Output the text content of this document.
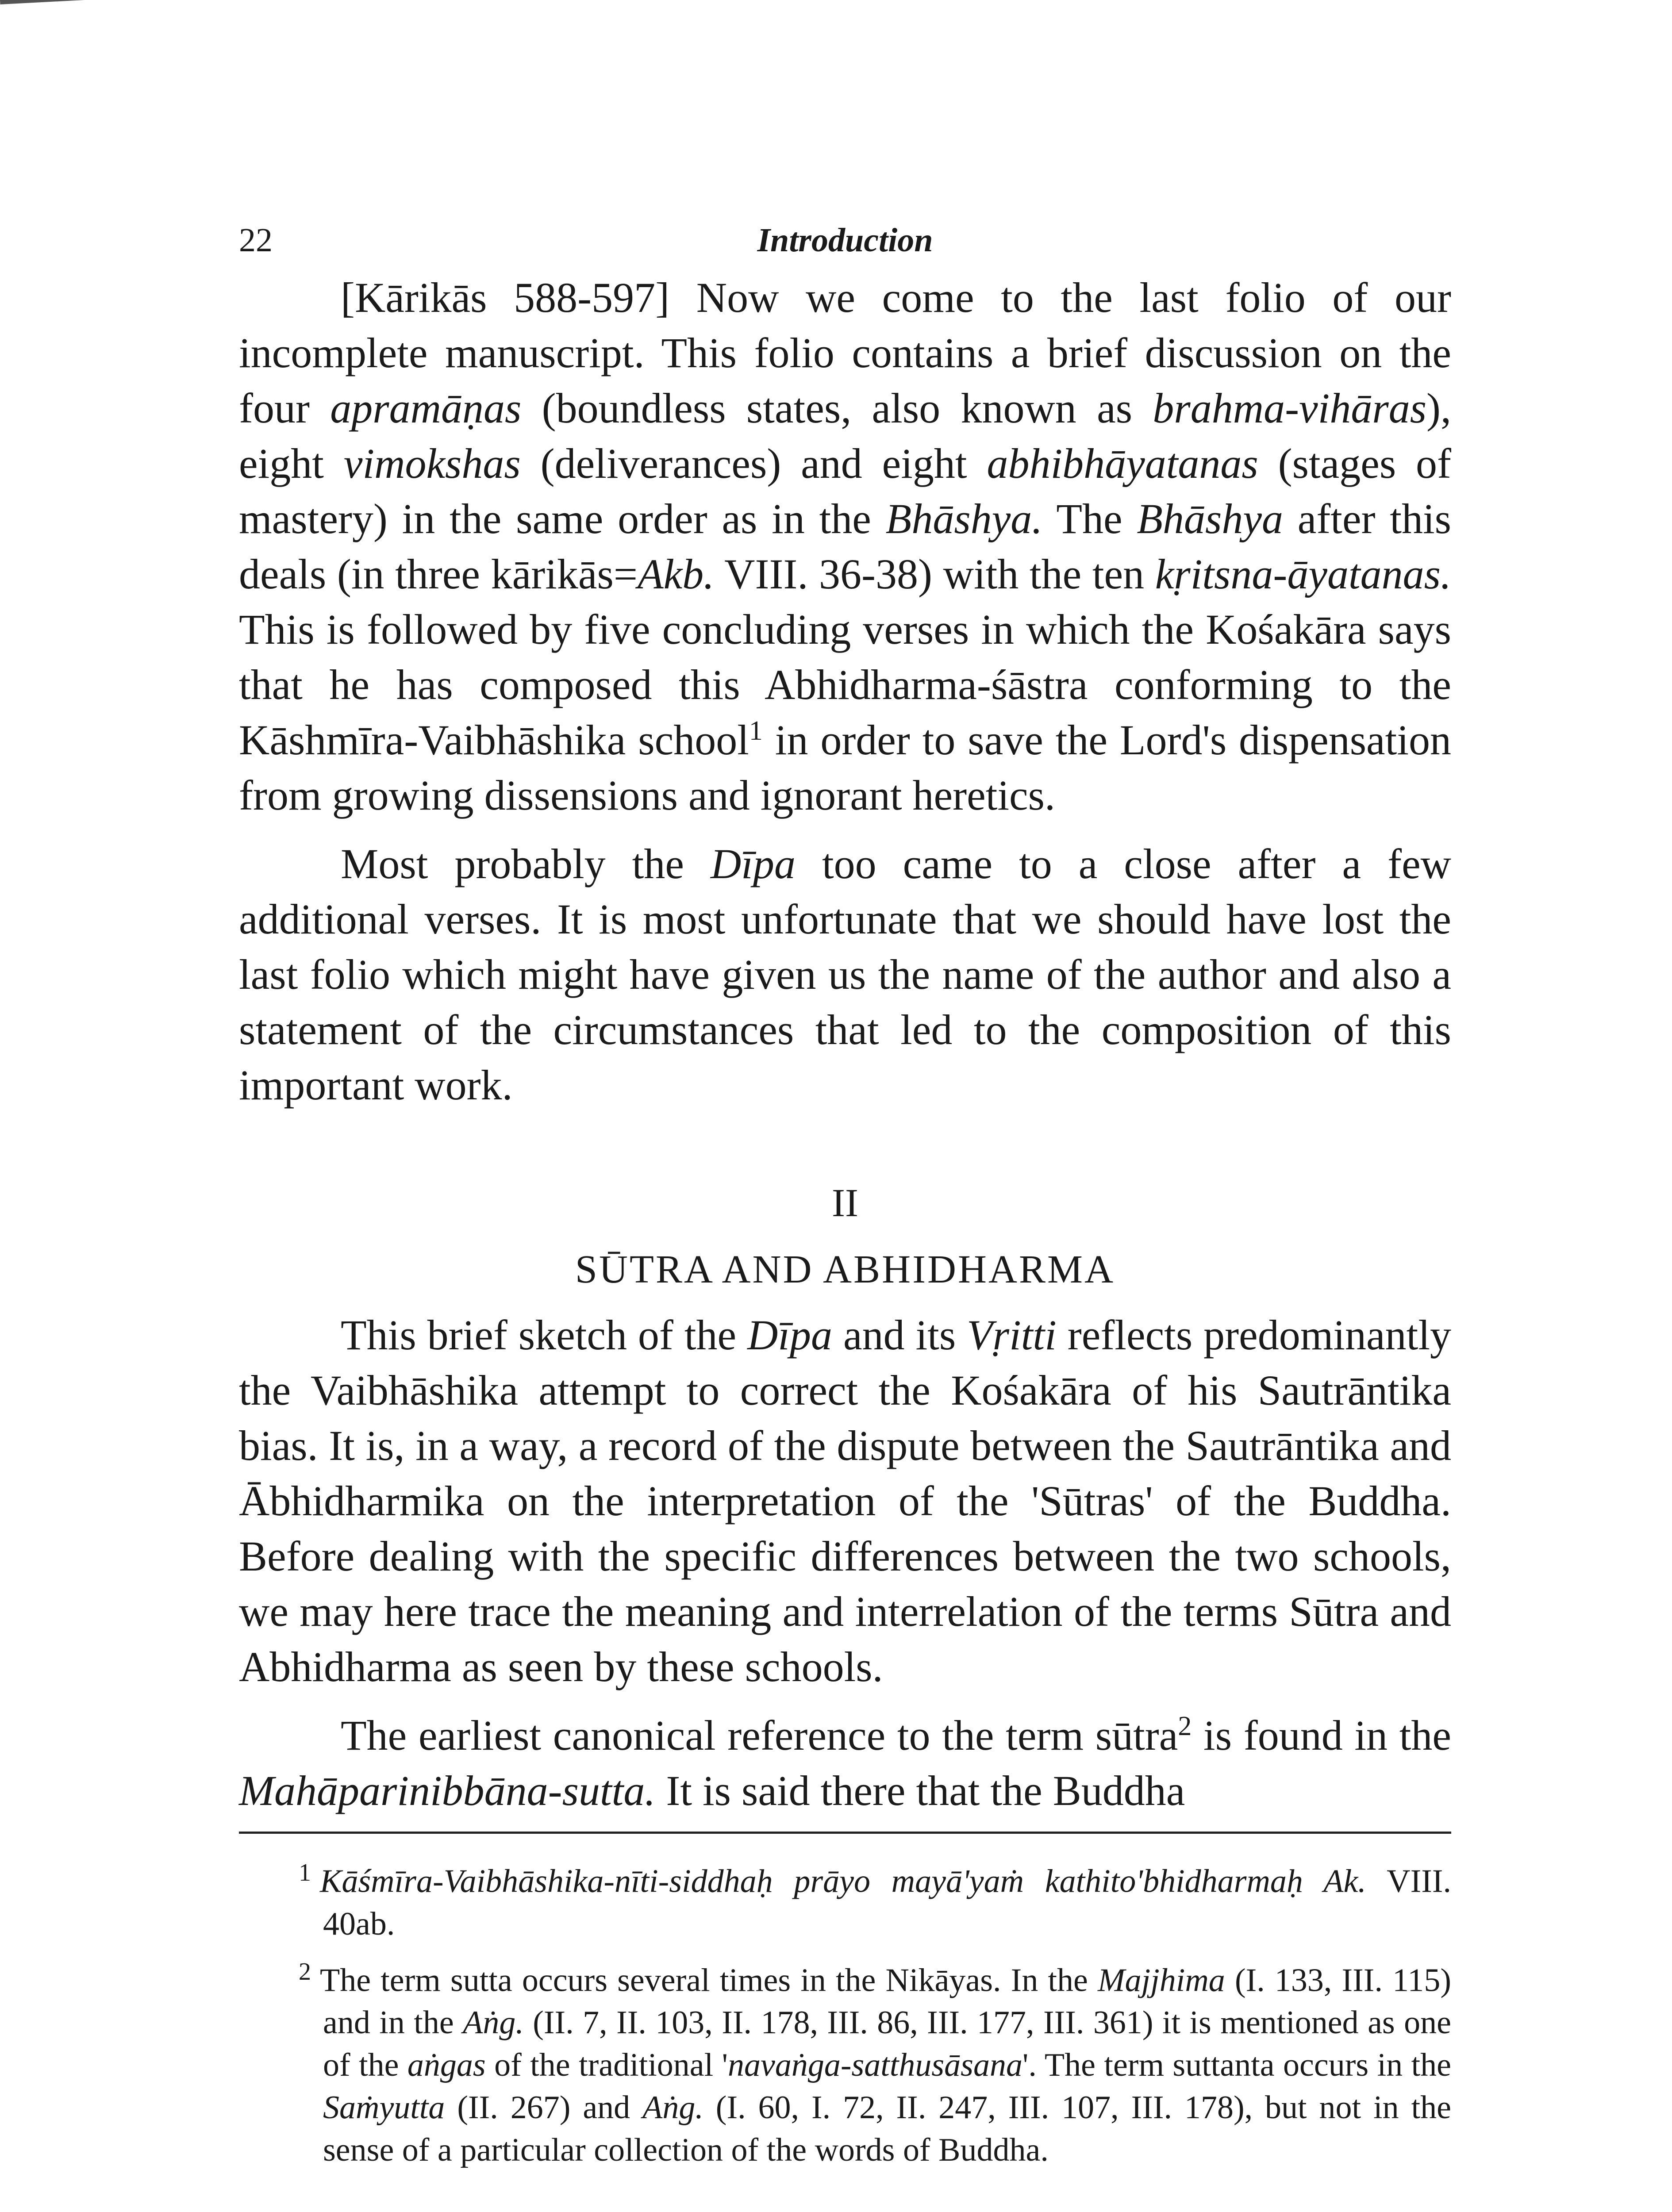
22	Introduction

[Kārikās 588-597] Now we come to the last folio of our incomplete manuscript. This folio contains a brief discussion on the four apramāṇas (boundless states, also known as brahma-vihāras), eight vimokshas (deliverances) and eight abhibhāyatanas (stages of mastery) in the same order as in the Bhāshya. The Bhāshya after this deals (in three kārikās=Akb. VIII. 36-38) with the ten kṛitsna-āyatanas. This is followed by five concluding verses in which the Kośakāra says that he has composed this Abhidharma-śāstra conforming to the Kāshmīra-Vaibhāshika school$^1$ in order to save the Lord's dispensation from growing dissensions and ignorant heretics.

Most probably the Dīpa too came to a close after a few additional verses. It is most unfortunate that we should have lost the last folio which might have given us the name of the author and also a statement of the circumstances that led to the composition of this important work.

II
SŪTRA AND ABHIDHARMA

This brief sketch of the Dīpa and its Vṛitti reflects predominantly the Vaibhāshika attempt to correct the Kośakāra of his Sautrāntika bias. It is, in a way, a record of the dispute between the Sautrāntika and Ābhidharmika on the interpretation of the 'Sūtras' of the Buddha. Before dealing with the specific differences between the two schools, we may here trace the meaning and interrelation of the terms Sūtra and Abhidharma as seen by these schools.

The earliest canonical reference to the term sūtra$^2$ is found in the Mahāparinibbāna-sutta. It is said there that the Buddha

$^1$ Kāśmīra-Vaibhāshika-nīti-siddhaḥ prāyo mayā'yaṁ kathito'bhidharmaḥ Ak. VIII. 40ab.

$^2$ The term sutta occurs several times in the Nikāyas. In the Majjhima (I. 133, III. 115) and in the Aṅg. (II. 7, II. 103, II. 178, III. 86, III. 177, III. 361) it is mentioned as one of the aṅgas of the traditional 'navaṅga-satthusāsana'. The term suttanta occurs in the Saṁyutta (II. 267) and Aṅg. (I. 60, I. 72, II. 247, III. 107, III. 178), but not in the sense of a particular collection of the words of Buddha.
